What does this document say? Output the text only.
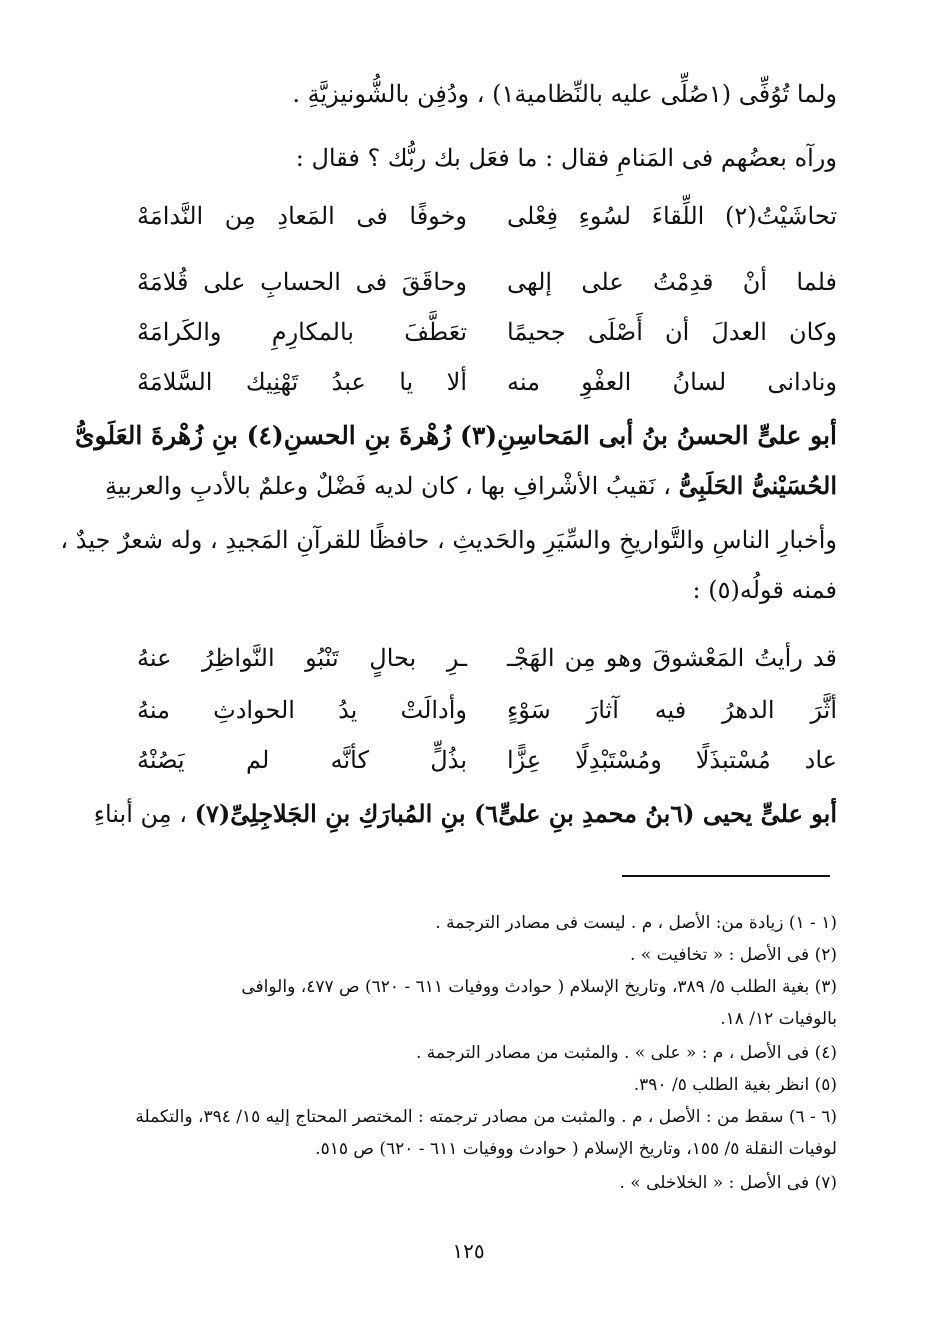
ولما تُوُفِّى (١صُلِّى عليه بالنِّظامية١) ، ودُفِن بالشُّونيزيَّةِ .
ورآه بعضُهم فى المَنامِ فقال : ما فعَل بك ربُّك ؟ فقال :
تحاشَيْتُ(٢) اللِّقاءَ لسُوءِ فِعْلى
وخوفًا فى المَعادِ مِن النَّدامَهْ
فلما أنْ قدِمْتُ على إلهى
وحاقَقَ فى الحسابِ على قُلامَهْ
وكان العدلَ أن أَصْلَى جحيمًا
تعَطَّفَ بالمكارِمِ والكَرامَهْ
ونادانى لسانُ العفْوِ منه
ألا يا عبدُ تَهْنِيك السَّلامَهْ
أبو علىٍّ الحسنُ بنُ أبى المَحاسِنِ(٣) زُهْرةَ بنِ الحسنِ(٤) بنِ زُهْرةَ العَلَوىُّ
الحُسَيْنىُّ الحَلَبِىُّ ، نَقيبُ الأشْرافِ بها ، كان لديه فَضْلٌ وعلمٌ بالأدبِ والعربيةِ
وأخبارِ الناسِ والتَّواريخِ والسِّيَرِ والحَديثِ ، حافظًا للقرآنِ المَجيدِ ، وله شعرٌ جيدٌ ،
فمنه قولُه(٥) :
قد رأيتُ المَعْشوقَ وهو مِن الهَجْـ
ـرِ بحالٍ تَنْبُو النَّواظِرُ عنهُ
أثَّرَ الدهرُ فيه آثارَ سَوْءٍ
وأدالَتْ يدُ الحوادثِ منهُ
عاد مُسْتبذَلًا ومُسْتَبْدِلًا عِزًّا
بذُلٍّ كأنَّه لم يَصُنْهُ
أبو علىٍّ يحيى (٦بنُ محمدِ بنِ علىٍّ٦) بنِ المُبارَكِ بنِ الجَلاجِلِىِّ(٧) ، مِن أبناءِ
(١ - ١) زيادة من: الأصل ، م . ليست فى مصادر الترجمة .
(٢) فى الأصل : « تخافيت » .
(٣) بغية الطلب ٥/ ٣٨٩، وتاريخ الإسلام ( حوادث ووفيات ٦١١ - ٦٢٠) ص ٤٧٧، والوافى
بالوفيات ١٢/ ١٨.
(٤) فى الأصل ، م : « على » . والمثبت من مصادر الترجمة .
(٥) انظر بغية الطلب ٥/ ٣٩٠.
(٦ - ٦) سقط من : الأصل ، م . والمثبت من مصادر ترجمته : المختصر المحتاج إليه ١٥/ ٣٩٤، والتكملة
لوفيات النقلة ٥/ ١٥٥، وتاريخ الإسلام ( حوادث ووفيات ٦١١ - ٦٢٠) ص ٥١٥.
(٧) فى الأصل : « الخلاخلى » .
١٢٥
